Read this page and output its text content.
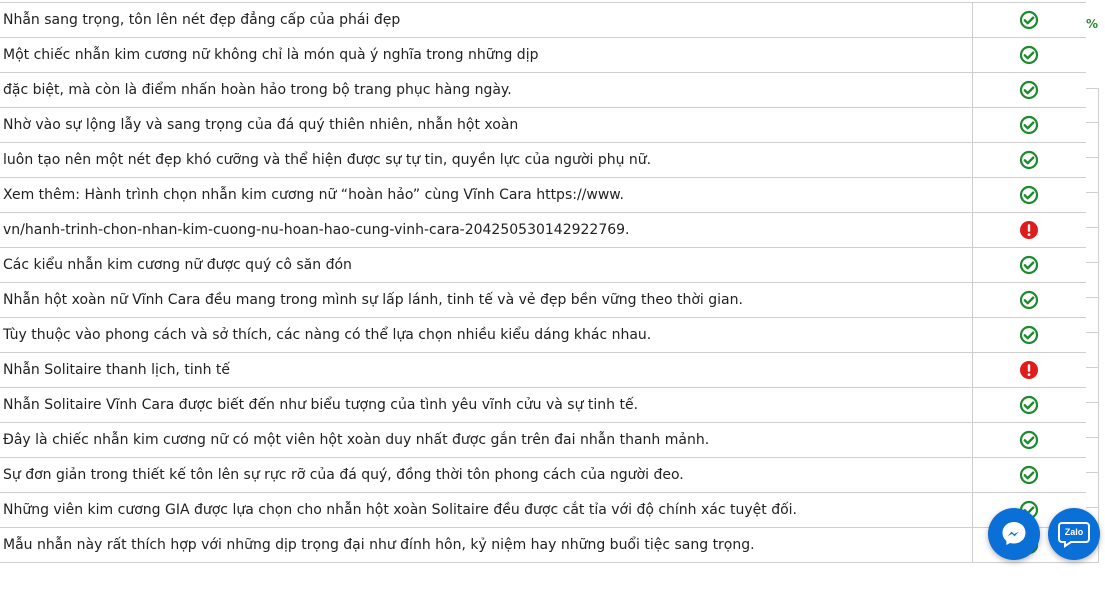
Nhẫn sang trọng, tôn lên nét đẹp đẳng cấp của phái đẹp
Một chiếc nhẫn kim cương nữ không chỉ là món quà ý nghĩa trong những dịp
đặc biệt, mà còn là điểm nhấn hoàn hảo trong bộ trang phục hàng ngày.
Nhờ vào sự lộng lẫy và sang trọng của đá quý thiên nhiên, nhẫn hột xoàn
luôn tạo nên một nét đẹp khó cưỡng và thể hiện được sự tự tin, quyền lực của người phụ nữ.
Xem thêm: Hành trình chọn nhẫn kim cương nữ “hoàn hảo” cùng Vĩnh Cara https://www.
vn/hanh-trinh-chon-nhan-kim-cuong-nu-hoan-hao-cung-vinh-cara-204250530142922769.
Các kiểu nhẫn kim cương nữ được quý cô săn đón
Nhẫn hột xoàn nữ Vĩnh Cara đều mang trong mình sự lấp lánh, tinh tế và vẻ đẹp bền vững theo thời gian.
Tùy thuộc vào phong cách và sở thích, các nàng có thể lựa chọn nhiều kiểu dáng khác nhau.
Nhẫn Solitaire thanh lịch, tinh tế
Nhẫn Solitaire Vĩnh Cara được biết đến như biểu tượng của tình yêu vĩnh cửu và sự tinh tế.
Đây là chiếc nhẫn kim cương nữ có một viên hột xoàn duy nhất được gắn trên đai nhẫn thanh mảnh.
Sự đơn giản trong thiết kế tôn lên sự rực rỡ của đá quý, đồng thời tôn phong cách của người đeo.
Những viên kim cương GIA được lựa chọn cho nhẫn hột xoàn Solitaire đều được cắt tỉa với độ chính xác tuyệt đối.
Mẫu nhẫn này rất thích hợp với những dịp trọng đại như đính hôn, kỷ niệm hay những buổi tiệc sang trọng.
%
Zalo
